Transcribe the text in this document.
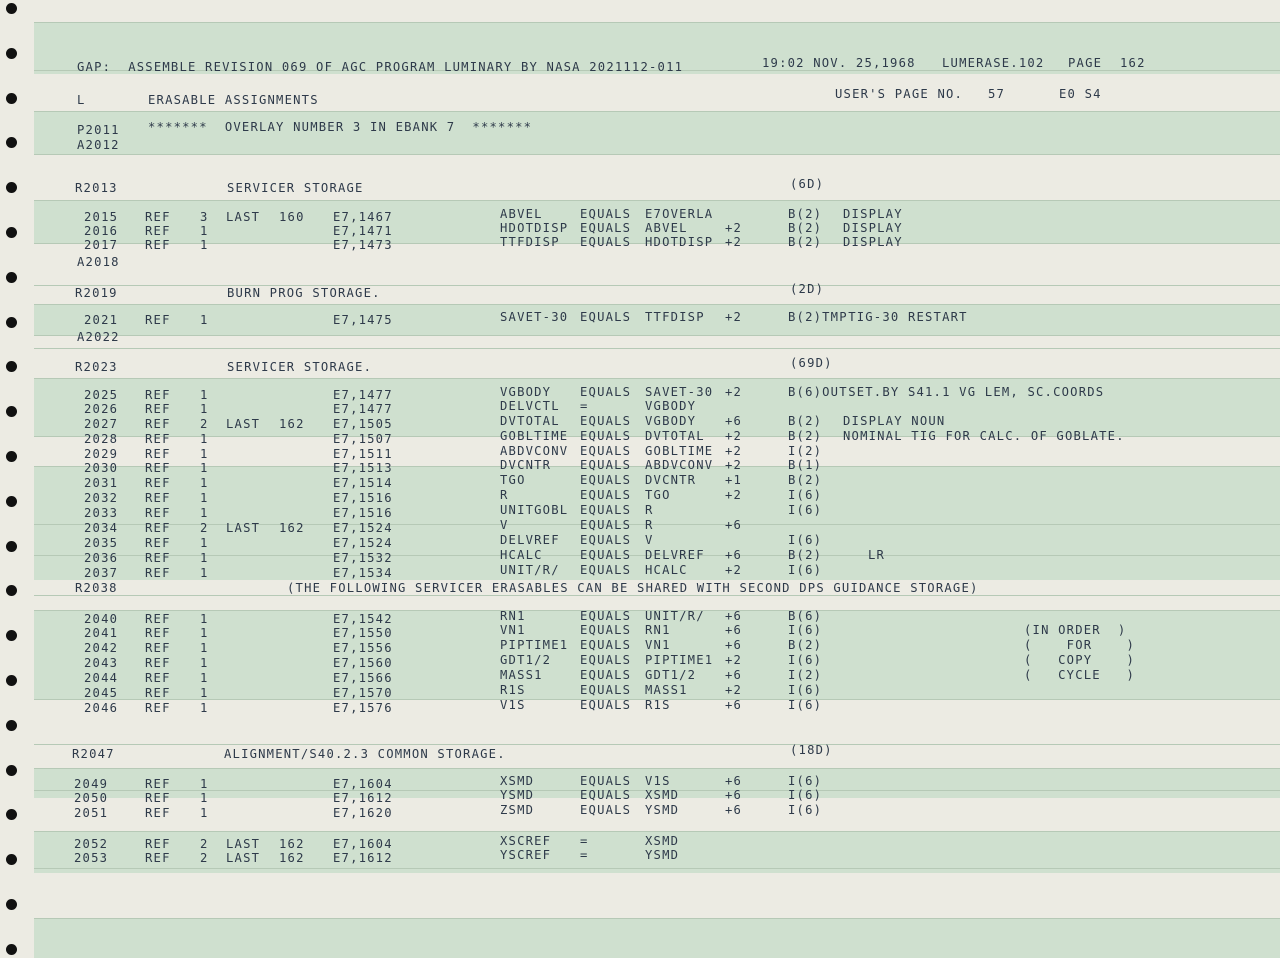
GAP:  ASSEMBLE REVISION 069 OF AGC PROGRAM LUMINARY BY NASA 2021112-011	19:02 NOV. 25,1968 LUMERASE.102 PAGE 162
L	ERASABLE ASSIGNMENTS	USER'S PAGE NO. 57	E0 S4
P2011 *******  OVERLAY NUMBER 3 IN EBANK 7  *******
A2012
R2013	SERVICER STORAGE	(6D)
2015 REF 3 LAST 160 E7,1467	ABVEL	EQUALS E7OVERLA	B(2) DISPLAY
2016 REF 1	E7,1471	HDOTDISP EQUALS ABVEL	+2	B(2) DISPLAY
2017 REF 1	E7,1473	TTFDISP EQUALS HDOTDISP +2	B(2) DISPLAY
A2018
R2019	BURN PROG STORAGE.	(2D)
2021 REF 1	E7,1475	SAVET-30 EQUALS TTFDISP +2	B(2)TMP TIG-30 RESTART
A2022
R2023	SERVICER STORAGE.	(69D)
2025 REF 1	E7,1477	VGBODY EQUALS SAVET-30 +2	B(6)OUT SET.BY S41.1 VG LEM, SC.COORDS
2026 REF 1	E7,1477	DELVCTL =	VGBODY
2027 REF 2 LAST 162 E7,1505	DVTOTAL EQUALS VGBODY +6	B(2) DISPLAY NOUN
2028 REF 1	E7,1507	GOBLTIME EQUALS DVTOTAL +2	B(2) NOMINAL TIG FOR CALC. OF GOBLATE.
2029 REF 1	E7,1511	ABDVCONV EQUALS GOBLTIME +2	I(2)
2030 REF 1	E7,1513	DVCNTR EQUALS ABDVCONV +2	B(1)
2031 REF 1	E7,1514	TGO	EQUALS DVCNTR +1	B(2)
2032 REF 1	E7,1516	R	EQUALS TGO	+2	I(6)
2033 REF 1	E7,1516	UNITGOBL EQUALS R	I(6)
2034 REF 2 LAST 162 E7,1524	V	EQUALS R	+6
2035 REF 1	E7,1524	DELVREF EQUALS V	I(6)
2036 REF 1	E7,1532	HCALC	EQUALS DELVREF +6	B(2)	LR
2037 REF 1	E7,1534	UNIT/R/ EQUALS HCALC	+2	I(6)
R2038	(THE FOLLOWING SERVICER ERASABLES CAN BE SHARED WITH SECOND DPS GUIDANCE STORAGE)
2040 REF 1	E7,1542	RN1	EQUALS UNIT/R/ +6	B(6)
2041 REF 1	E7,1550	VN1	EQUALS RN1	+6	I(6)	(IN ORDER  )
2042 REF 1	E7,1556	PIPTIME1 EQUALS VN1	+6	B(2)	(    FOR    )
2043 REF 1	E7,1560	GDT1/2 EQUALS PIPTIME1 +2	I(6)	(   COPY    )
2044 REF 1	E7,1566	MASS1	EQUALS GDT1/2 +6	I(2)	(   CYCLE   )
2045 REF 1	E7,1570	R1S	EQUALS MASS1	+2	I(6)
2046 REF 1	E7,1576	V1S	EQUALS R1S	+6	I(6)
R2047	ALIGNMENT/S40.2.3 COMMON STORAGE.	(18D)
2049	REF 1	E7,1604	XSMD	EQUALS V1S	+6	I(6)
2050	REF 1	E7,1612	YSMD	EQUALS XSMD	+6	I(6)
2051	REF 1	E7,1620	ZSMD	EQUALS YSMD	+6	I(6)
2052	REF 2 LAST 162 E7,1604	XSCREF =	XSMD
2053	REF 2 LAST 162 E7,1612	YSCREF =	YSMD
